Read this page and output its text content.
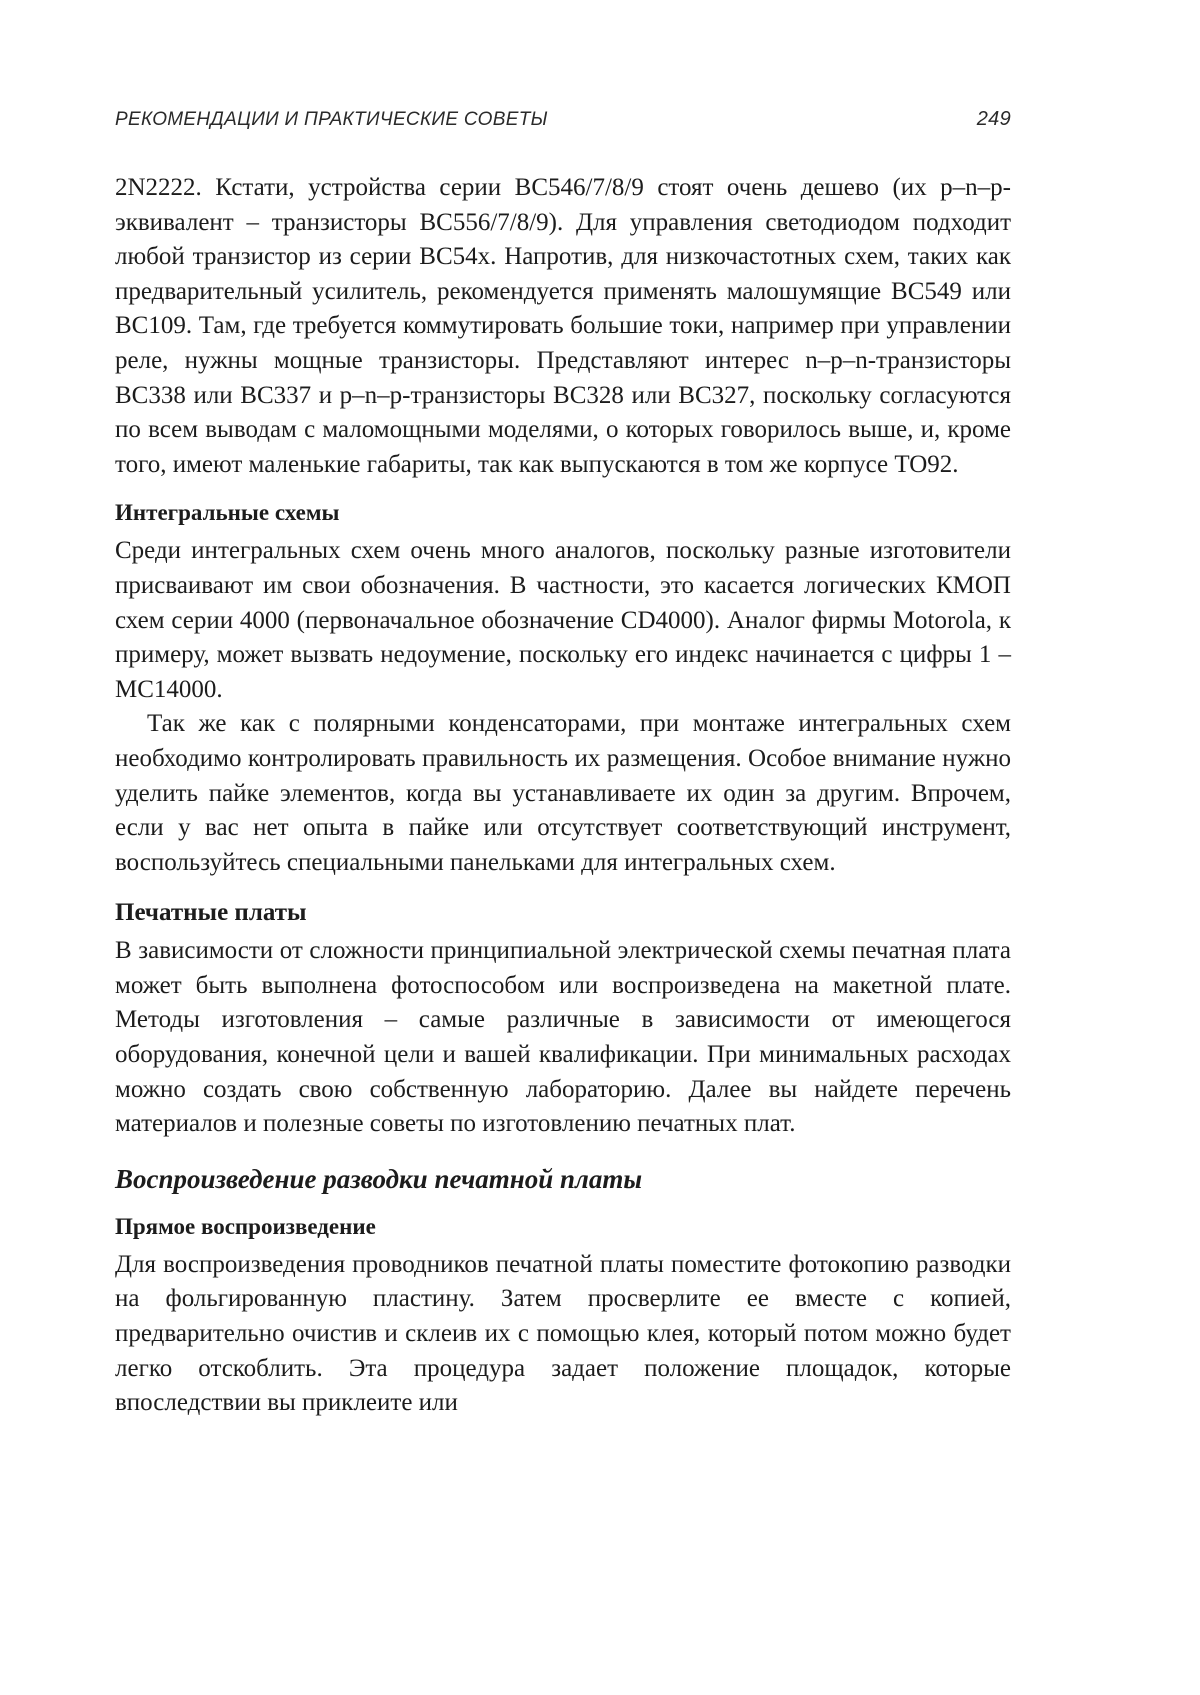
РЕКОМЕНДАЦИИ И ПРАКТИЧЕСКИЕ СОВЕТЫ	249

2N2222. Кстати, устройства серии BC546/7/8/9 стоят очень дешево (их p–n–p-эквивалент – транзисторы BC556/7/8/9). Для управления светодиодом подходит любой транзистор из серии BC54x. Напротив, для низкочастотных схем, таких как предварительный усилитель, рекомендуется применять малошумящие BC549 или BC109. Там, где требуется коммутировать большие токи, например при управлении реле, нужны мощные транзисторы. Представляют интерес n–p–n-транзисторы BC338 или BC337 и p–n–p-транзисторы BC328 или BC327, поскольку согласуются по всем выводам с маломощными моделями, о которых говорилось выше, и, кроме того, имеют маленькие габариты, так как выпускаются в том же корпусе TO92.

Интегральные схемы

Среди интегральных схем очень много аналогов, поскольку разные изготовители присваивают им свои обозначения. В частности, это касается логических КМОП схем серии 4000 (первоначальное обозначение CD4000). Аналог фирмы Motorola, к примеру, может вызвать недоумение, поскольку его индекс начинается с цифры 1 – MC14000.

Так же как с полярными конденсаторами, при монтаже интегральных схем необходимо контролировать правильность их размещения. Особое внимание нужно уделить пайке элементов, когда вы устанавливаете их один за другим. Впрочем, если у вас нет опыта в пайке или отсутствует соответствующий инструмент, воспользуйтесь специальными панельками для интегральных схем.

Печатные платы

В зависимости от сложности принципиальной электрической схемы печатная плата может быть выполнена фотоспособом или воспроизведена на макетной плате. Методы изготовления – самые различные в зависимости от имеющегося оборудования, конечной цели и вашей квалификации. При минимальных расходах можно создать свою собственную лабораторию. Далее вы найдете перечень материалов и полезные советы по изготовлению печатных плат.

Воспроизведение разводки печатной платы
Прямое воспроизведение

Для воспроизведения проводников печатной платы поместите фотокопию разводки на фольгированную пластину. Затем просверлите ее вместе с копией, предварительно очистив и склеив их с помощью клея, который потом можно будет легко отскоблить. Эта процедура задает положение площадок, которые впоследствии вы приклеите или
